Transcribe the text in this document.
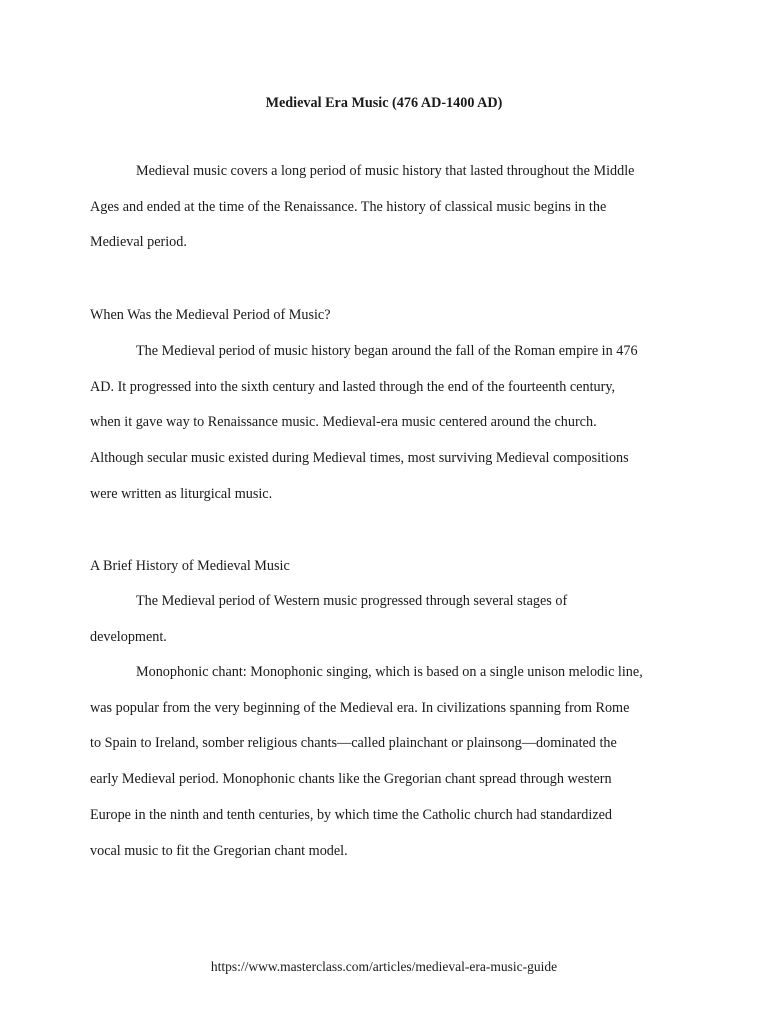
Medieval Era Music (476 AD-1400 AD)

Medieval music covers a long period of music history that lasted throughout the Middle

Ages and ended at the time of the Renaissance. The history of classical music begins in the

Medieval period.

When Was the Medieval Period of Music?

The Medieval period of music history began around the fall of the Roman empire in 476

AD. It progressed into the sixth century and lasted through the end of the fourteenth century,

when it gave way to Renaissance music. Medieval-era music centered around the church.

Although secular music existed during Medieval times, most surviving Medieval compositions

were written as liturgical music.

A Brief History of Medieval Music

The Medieval period of Western music progressed through several stages of

development.

Monophonic chant: Monophonic singing, which is based on a single unison melodic line,

was popular from the very beginning of the Medieval era. In civilizations spanning from Rome

to Spain to Ireland, somber religious chants—called plainchant or plainsong—dominated the

early Medieval period. Monophonic chants like the Gregorian chant spread through western

Europe in the ninth and tenth centuries, by which time the Catholic church had standardized

vocal music to fit the Gregorian chant model.

https://www.masterclass.com/articles/medieval-era-music-guide
